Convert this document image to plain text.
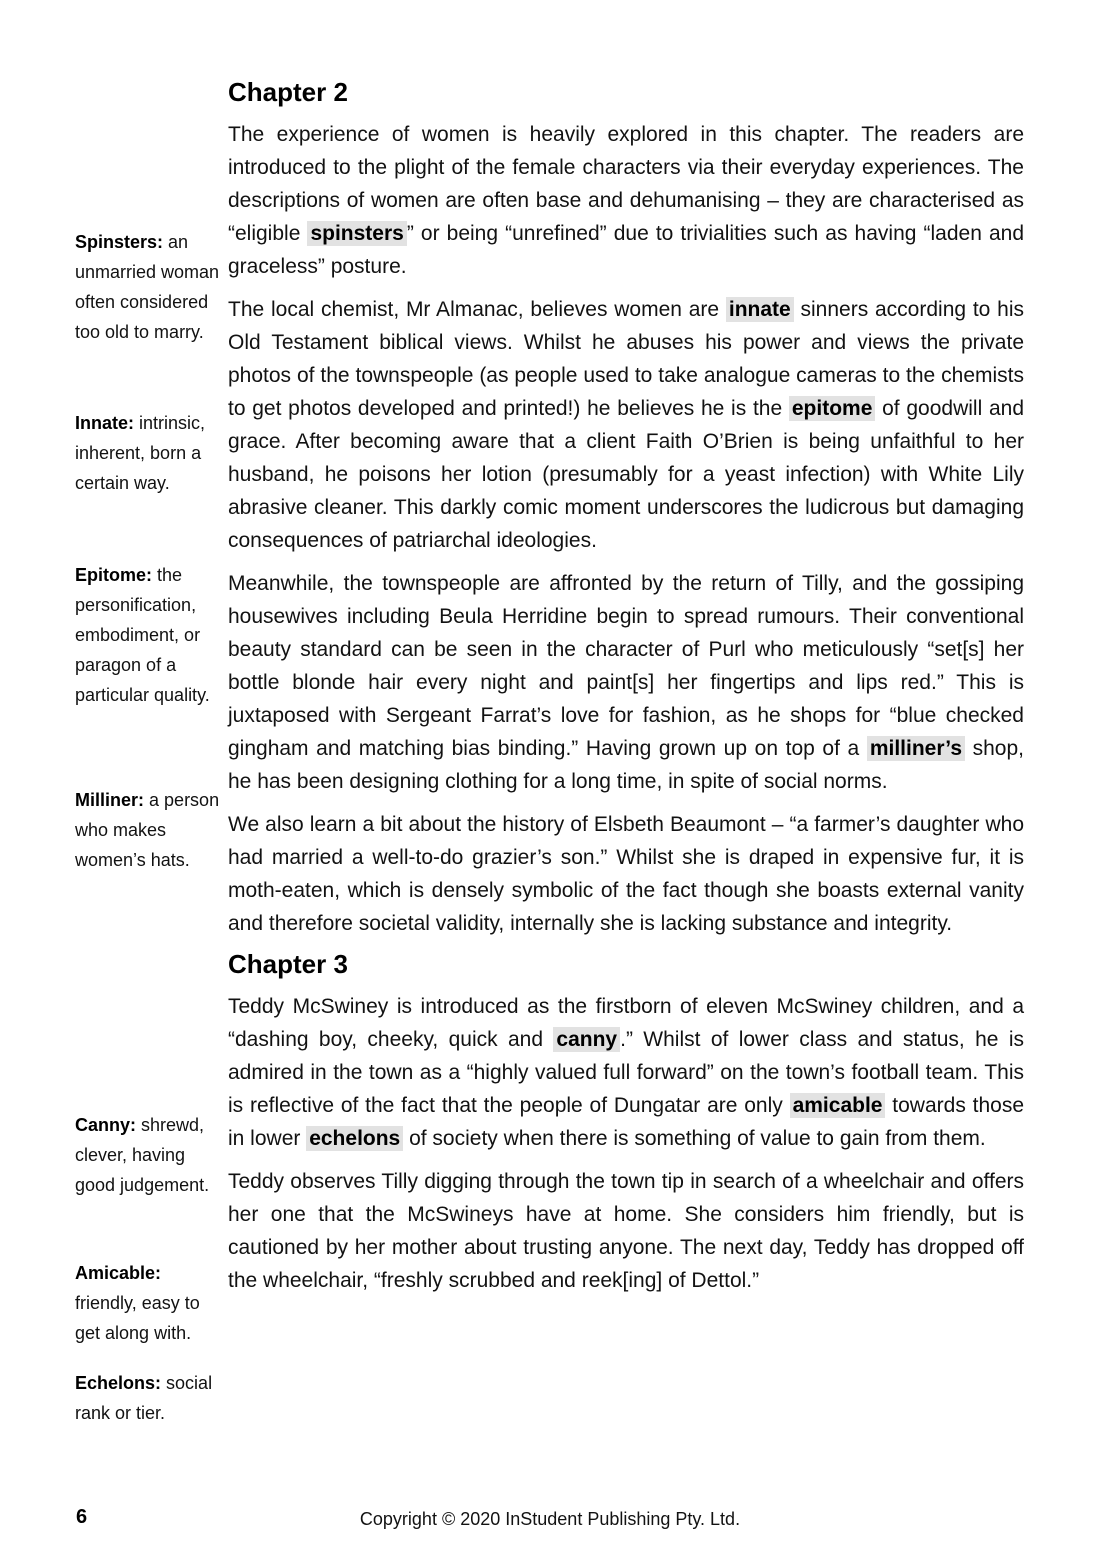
Spinsters : an unmarried woman often considered too old to marry.
Innate : intrinsic, inherent, born a certain way.
Epitome : the personification, embodiment, or paragon of a particular quality.
Milliner : a person who makes women’s hats.
Canny : shrewd, clever, having good judgement.
Amicable : friendly, easy to get along with.
Echelons : social rank or tier.
Chapter 2

The experience of women is heavily explored in this chapter. The readers are introduced to the plight of the female characters via their everyday experiences. The descriptions of women are often base and dehumanising – they are characterised as “eligible spinsters ” or being “unrefined” due to trivialities such as having “laden and graceless” posture.

The local chemist, Mr Almanac, believes women are innate sinners according to his Old Testament biblical views. Whilst he abuses his power and views the private photos of the townspeople (as people used to take analogue cameras to the chemists to get photos developed and printed!) he believes he is the epitome of goodwill and grace. After becoming aware that a client Faith O’Brien is being unfaithful to her husband, he poisons her lotion (presumably for a yeast infection) with White Lily abrasive cleaner. This darkly comic moment underscores the ludicrous but damaging consequences of patriarchal ideologies.

Meanwhile, the townspeople are affronted by the return of Tilly, and the gossiping housewives including Beula Herridine begin to spread rumours. Their conventional beauty standard can be seen in the character of Purl who meticulously “set[s] her bottle blonde hair every night and paint[s] her fingertips and lips red.” This is juxtaposed with Sergeant Farrat’s love for fashion, as he shops for “blue checked gingham and matching bias binding.” Having grown up on top of a milliner’s shop, he has been designing clothing for a long time, in spite of social norms.

We also learn a bit about the history of Elsbeth Beaumont – “a farmer’s daughter who had married a well-to-do grazier’s son.” Whilst she is draped in expensive fur, it is moth-eaten, which is densely symbolic of the fact though she boasts external vanity and therefore societal validity, internally she is lacking substance and integrity.

Chapter 3

Teddy McSwiney is introduced as the firstborn of eleven McSwiney children, and a “dashing boy, cheeky, quick and canny .” Whilst of lower class and status, he is admired in the town as a “highly valued full forward” on the town’s football team. This is reflective of the fact that the people of Dungatar are only amicable towards those in lower echelons of society when there is something of value to gain from them.

Teddy observes Tilly digging through the town tip in search of a wheelchair and offers her one that the McSwineys have at home. She considers him friendly, but is cautioned by her mother about trusting anyone. The next day, Teddy has dropped off the wheelchair, “freshly scrubbed and reek[ing] of Dettol.”

6	Copyright © 2020 InStudent Publishing Pty. Ltd.
